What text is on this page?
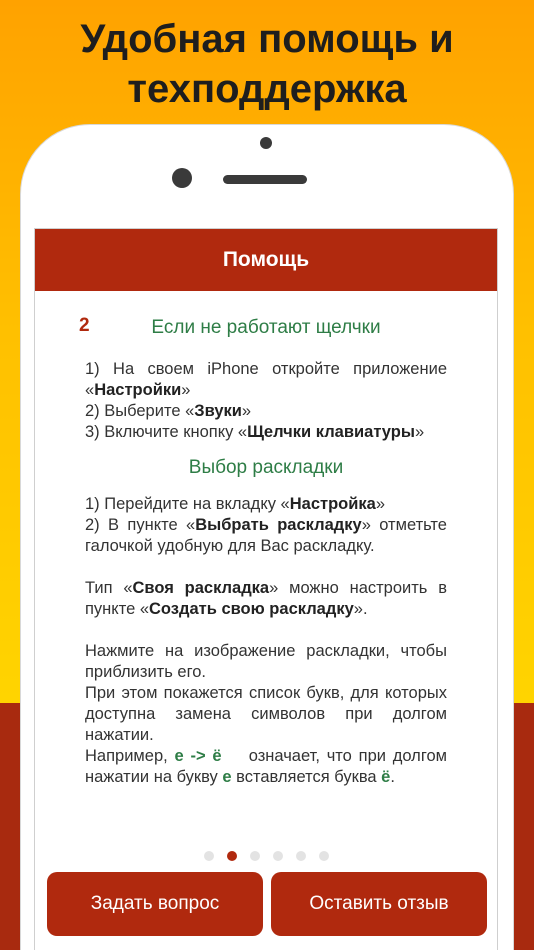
Удобная помощь и
техподдержка
Помощь
2	Если не работают щелчки
1) На своем iPhone откройте приложение «Настройки»
2) Выберите «Звуки»
3) Включите кнопку «Щелчки клавиатуры»
Выбор раскладки
1) Перейдите на вкладку «Настройка»
2) В пункте «Выбрать раскладку» отметьте галочкой удобную для Вас раскладку.
Тип «Своя раскладка» можно настроить в пункте «Создать свою раскладку».
Нажмите на изображение раскладки, чтобы приблизить его.
При этом покажется список букв, для которых доступна замена символов при долгом нажатии.
Например, е -> ё    означает, что при долгом нажатии на букву е вставляется буква ё.
Задать вопрос	Оставить отзыв
